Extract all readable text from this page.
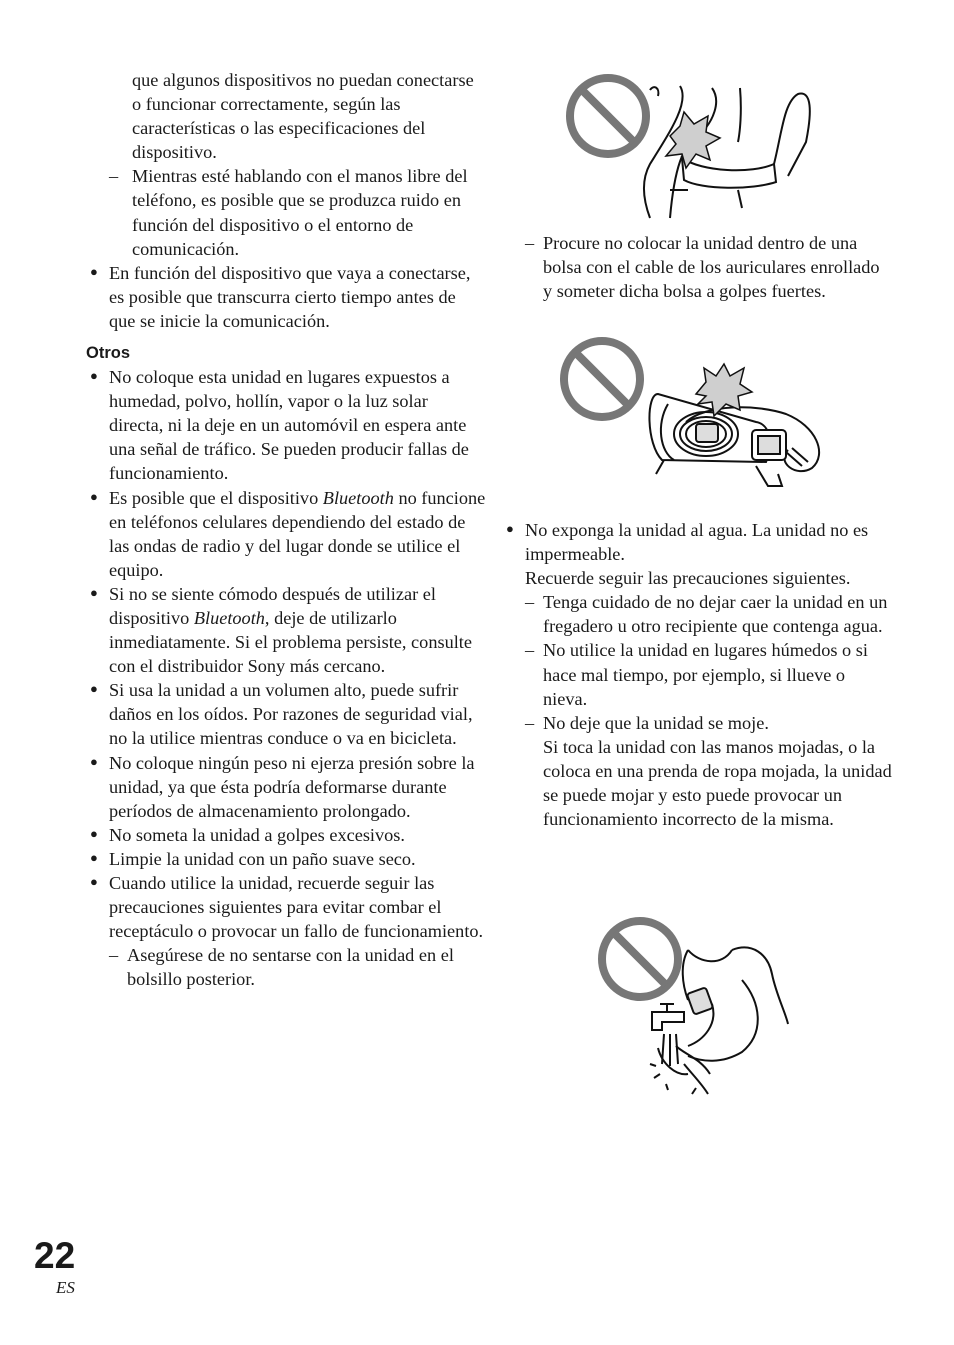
que algunos dispositivos no puedan conectarse o funcionar correctamente, según las características o las especificaciones del dispositivo.
– Mientras esté hablando con el manos libre del teléfono, es posible que se produzca ruido en función del dispositivo o el entorno de comunicación.
● En función del dispositivo que vaya a conectarse, es posible que transcurra cierto tiempo antes de que se inicie la comunicación.
Otros
● No coloque esta unidad en lugares expuestos a humedad, polvo, hollín, vapor o la luz solar directa, ni la deje en un automóvil en espera ante una señal de tráfico. Se pueden producir fallas de funcionamiento.
● Es posible que el dispositivo Bluetooth no funcione en teléfonos celulares dependiendo del estado de las ondas de radio y del lugar donde se utilice el equipo.
● Si no se siente cómodo después de utilizar el dispositivo Bluetooth, deje de utilizarlo inmediatamente. Si el problema persiste, consulte con el distribuidor Sony más cercano.
● Si usa la unidad a un volumen alto, puede sufrir daños en los oídos. Por razones de seguridad vial, no la utilice mientras conduce o va en bicicleta.
● No coloque ningún peso ni ejerza presión sobre la unidad, ya que ésta podría deformarse durante períodos de almacenamiento prolongado.
● No someta la unidad a golpes excesivos.
● Limpie la unidad con un paño suave seco.
● Cuando utilice la unidad, recuerde seguir las precauciones siguientes para evitar combar el receptáculo o provocar un fallo de funcionamiento.
– Asegúrese de no sentarse con la unidad en el bolsillo posterior.
– Procure no colocar la unidad dentro de una bolsa con el cable de los auriculares enrollado y someter dicha bolsa a golpes fuertes.
● No exponga la unidad al agua. La unidad no es impermeable.
Recuerde seguir las precauciones siguientes.
– Tenga cuidado de no dejar caer la unidad en un fregadero u otro recipiente que contenga agua.
– No utilice la unidad en lugares húmedos o si hace mal tiempo, por ejemplo, si llueve o nieva.
– No deje que la unidad se moje.
Si toca la unidad con las manos mojadas, o la coloca en una prenda de ropa mojada, la unidad se puede mojar y esto puede provocar un funcionamiento incorrecto de la misma.
22
ES
